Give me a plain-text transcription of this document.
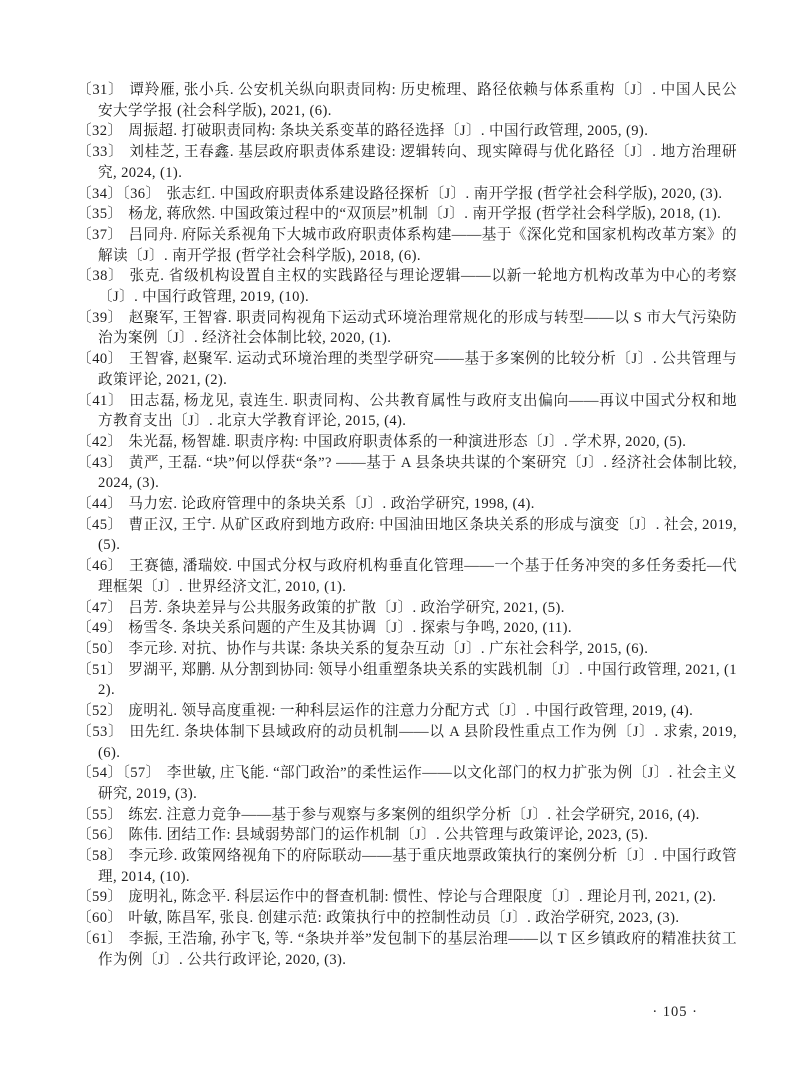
〔31〕 谭羚雁, 张小兵. 公安机关纵向职责同构: 历史梳理、路径依赖与体系重构〔J〕. 中国人民公安大学学报 (社会科学版), 2021, (6).

〔32〕 周振超. 打破职责同构: 条块关系变革的路径选择〔J〕. 中国行政管理, 2005, (9).

〔33〕 刘桂芝, 王春鑫. 基层政府职责体系建设: 逻辑转向、现实障碍与优化路径〔J〕. 地方治理研究, 2024, (1).

〔34〕〔36〕 张志红. 中国政府职责体系建设路径探析〔J〕. 南开学报 (哲学社会科学版), 2020, (3).

〔35〕 杨龙, 蒋欣然. 中国政策过程中的“双顶层”机制〔J〕. 南开学报 (哲学社会科学版), 2018, (1).

〔37〕 吕同舟. 府际关系视角下大城市政府职责体系构建——基于《深化党和国家机构改革方案》的解读〔J〕. 南开学报 (哲学社会科学版), 2018, (6).

〔38〕 张克. 省级机构设置自主权的实践路径与理论逻辑——以新一轮地方机构改革为中心的考察〔J〕. 中国行政管理, 2019, (10).

〔39〕 赵聚军, 王智睿. 职责同构视角下运动式环境治理常规化的形成与转型——以 S 市大气污染防治为案例〔J〕. 经济社会体制比较, 2020, (1).

〔40〕 王智睿, 赵聚军. 运动式环境治理的类型学研究——基于多案例的比较分析〔J〕. 公共管理与政策评论, 2021, (2).

〔41〕 田志磊, 杨龙见, 袁连生. 职责同构、公共教育属性与政府支出偏向——再议中国式分权和地方教育支出〔J〕. 北京大学教育评论, 2015, (4).

〔42〕 朱光磊, 杨智雄. 职责序构: 中国政府职责体系的一种演进形态〔J〕. 学术界, 2020, (5).

〔43〕 黄严, 王磊. “块”何以俘获“条”? ——基于 A 县条块共谋的个案研究〔J〕. 经济社会体制比较, 2024, (3).

〔44〕 马力宏. 论政府管理中的条块关系〔J〕. 政治学研究, 1998, (4).

〔45〕 曹正汉, 王宁. 从矿区政府到地方政府: 中国油田地区条块关系的形成与演变〔J〕. 社会, 2019, (5).

〔46〕 王赛德, 潘瑞姣. 中国式分权与政府机构垂直化管理——一个基于任务冲突的多任务委托—代理框架〔J〕. 世界经济文汇, 2010, (1).

〔47〕 吕芳. 条块差异与公共服务政策的扩散〔J〕. 政治学研究, 2021, (5).

〔49〕 杨雪冬. 条块关系问题的产生及其协调〔J〕. 探索与争鸣, 2020, (11).

〔50〕 李元珍. 对抗、协作与共谋: 条块关系的复杂互动〔J〕. 广东社会科学, 2015, (6).

〔51〕 罗湖平, 郑鹏. 从分割到协同: 领导小组重塑条块关系的实践机制〔J〕. 中国行政管理, 2021, (12).

〔52〕 庞明礼. 领导高度重视: 一种科层运作的注意力分配方式〔J〕. 中国行政管理, 2019, (4).

〔53〕 田先红. 条块体制下县域政府的动员机制——以 A 县阶段性重点工作为例〔J〕. 求索, 2019, (6).

〔54〕〔57〕 李世敏, 庄飞能. “部门政治”的柔性运作——以文化部门的权力扩张为例〔J〕. 社会主义研究, 2019, (3).

〔55〕 练宏. 注意力竞争——基于参与观察与多案例的组织学分析〔J〕. 社会学研究, 2016, (4).

〔56〕 陈伟. 团结工作: 县域弱势部门的运作机制〔J〕. 公共管理与政策评论, 2023, (5).

〔58〕 李元珍. 政策网络视角下的府际联动——基于重庆地票政策执行的案例分析〔J〕. 中国行政管理, 2014, (10).

〔59〕 庞明礼, 陈念平. 科层运作中的督查机制: 惯性、悖论与合理限度〔J〕. 理论月刊, 2021, (2).

〔60〕 叶敏, 陈昌军, 张良. 创建示范: 政策执行中的控制性动员〔J〕. 政治学研究, 2023, (3).

〔61〕 李振, 王浩瑜, 孙宇飞, 等. “条块并举”发包制下的基层治理——以 T 区乡镇政府的精准扶贫工作为例〔J〕. 公共行政评论, 2020, (3).

· 105 ·
